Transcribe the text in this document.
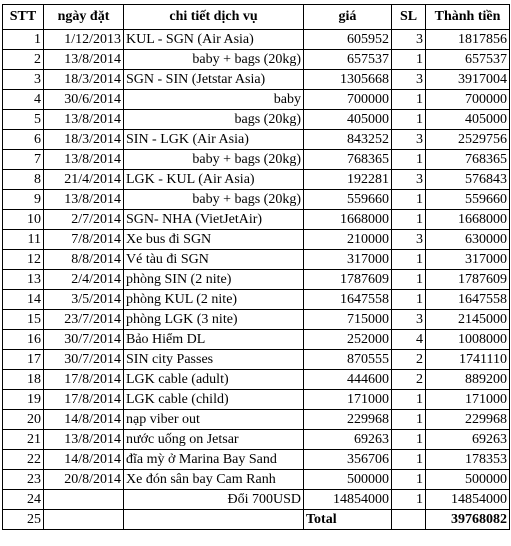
STT	ngày đặt	chi tiết dịch vụ	giá	SL	Thành tiền
1	1/12/2013	KUL - SGN (Air Asia)	605952	3	1817856
2	13/8/2014	baby + bags (20kg)	657537	1	657537
3	18/3/2014	SGN - SIN (Jetstar Asia)	1305668	3	3917004
4	30/6/2014	baby	700000	1	700000
5	13/8/2014	bags (20kg)	405000	1	405000
6	18/3/2014	SIN - LGK (Air Asia)	843252	3	2529756
7	13/8/2014	baby + bags (20kg)	768365	1	768365
8	21/4/2014	LGK - KUL (Air Asia)	192281	3	576843
9	13/8/2014	baby + bags (20kg)	559660	1	559660
10	2/7/2014	SGN- NHA (VietJetAir)	1668000	1	1668000
11	7/8/2014	Xe bus đi SGN	210000	3	630000
12	8/8/2014	Vé tàu đi SGN	317000	1	317000
13	2/4/2014	phòng SIN (2 nite)	1787609	1	1787609
14	3/5/2014	phòng KUL (2 nite)	1647558	1	1647558
15	23/7/2014	phòng LGK (3 nite)	715000	3	2145000
16	30/7/2014	Bảo Hiểm DL	252000	4	1008000
17	30/7/2014	SIN city Passes	870555	2	1741110
18	17/8/2014	LGK cable (adult)	444600	2	889200
19	17/8/2014	LGK cable (child)	171000	1	171000
20	14/8/2014	nạp viber out	229968	1	229968
21	13/8/2014	nước uống on Jetsar	69263	1	69263
22	14/8/2014	đĩa mỳ ở Marina Bay Sand	356706	1	178353
23	20/8/2014	Xe đón sân bay Cam Ranh	500000	1	500000
24		Đổi 700USD	14854000	1	14854000
25			Total		39768082
